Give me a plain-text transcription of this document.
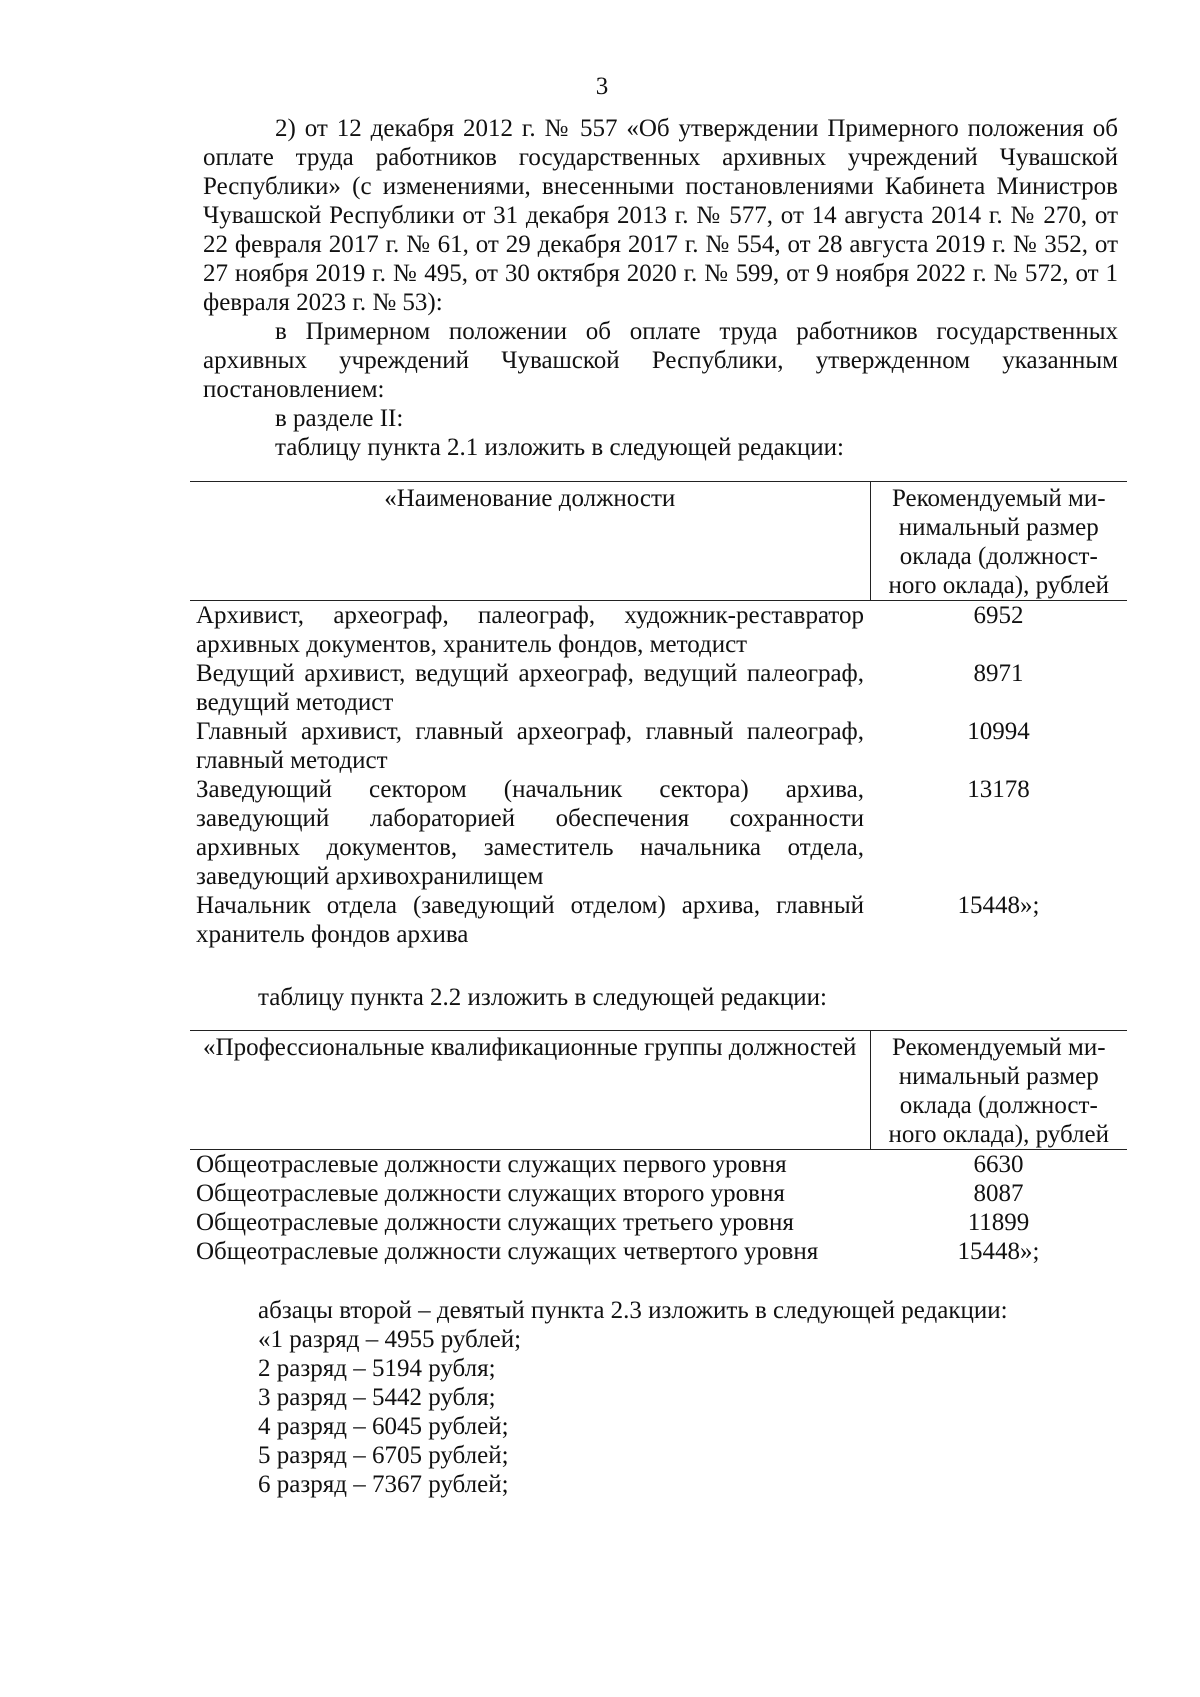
3

2) от 12 декабря 2012 г. № 557 «Об утверждении Примерного положения об оплате труда работников государственных архивных учреждений Чувашской Республики» (с изменениями, внесенными постановлениями Кабинета Министров Чувашской Республики от 31 декабря 2013 г. № 577, от 14 августа 2014 г. № 270, от 22 февраля 2017 г. № 61, от 29 декабря 2017 г. № 554, от 28 августа 2019 г. № 352, от 27 ноября 2019 г. № 495, от 30 октября 2020 г. № 599, от 9 ноября 2022 г. № 572, от 1 февраля 2023 г. № 53):

в Примерном положении об оплате труда работников государственных архивных учреждений Чувашской Республики, утвержденном указанным постановлением:

в разделе II:

таблицу пункта 2.1 изложить в следующей редакции:

«Наименование должности	Рекомендуемый ми-
нимальный размер
оклада (должност-
ного оклада), рублей
Архивист, археограф, палеограф, художник-реставратор архивных документов, хранитель фондов, методист	6952
Ведущий архивист, ведущий археограф, ведущий палеограф, ведущий методист	8971
Главный архивист, главный археограф, главный палеограф, главный методист	10994
Заведующий сектором (начальник сектора) архива, заведующий лабораторией обеспечения сохранности архивных документов, заместитель начальника отдела, заведующий архивохранилищем	13178
Начальник отдела (заведующий отделом) архива, главный хранитель фондов архива	15448»;

таблицу пункта 2.2 изложить в следующей редакции:

«Профессиональные квалификационные группы должностей	Рекомендуемый ми-
нимальный размер
оклада (должност-
ного оклада), рублей
Общеотраслевые должности служащих первого уровня	6630
Общеотраслевые должности служащих второго уровня	8087
Общеотраслевые должности служащих третьего уровня	11899
Общеотраслевые должности служащих четвертого уровня	15448»;

абзацы второй – девятый пункта 2.3 изложить в следующей редакции:

«1 разряд – 4955 рублей;

2 разряд – 5194 рубля;

3 разряд – 5442 рубля;

4 разряд – 6045 рублей;

5 разряд – 6705 рублей;

6 разряд – 7367 рублей;
